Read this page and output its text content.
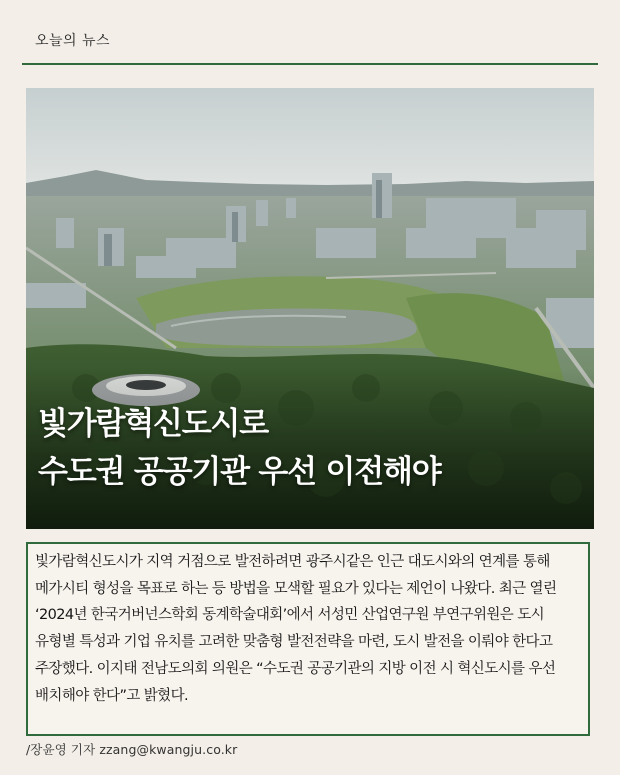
오늘의 뉴스
빛가람혁신도시로
수도권 공공기관 우선 이전해야

빛가람혁신도시가 지역 거점으로 발전하려면 광주시같은 인근 대도시와의 연계를 통해 메가시티 형성을 목표로 하는 등 방법을 모색할 필요가 있다는 제언이 나왔다. 최근 열린 ‘2024년 한국거버넌스학회 동계학술대회’에서 서성민 산업연구원 부연구위원은 도시 유형별 특성과 기업 유치를 고려한 맞춤형 발전전략을 마련, 도시 발전을 이뤄야 한다고 주장했다. 이지태 전남도의회 의원은 “수도권 공공기관의 지방 이전 시 혁신도시를 우선 배치해야 한다”고 밝혔다.

/장윤영 기자 zzang@kwangju.co.kr
